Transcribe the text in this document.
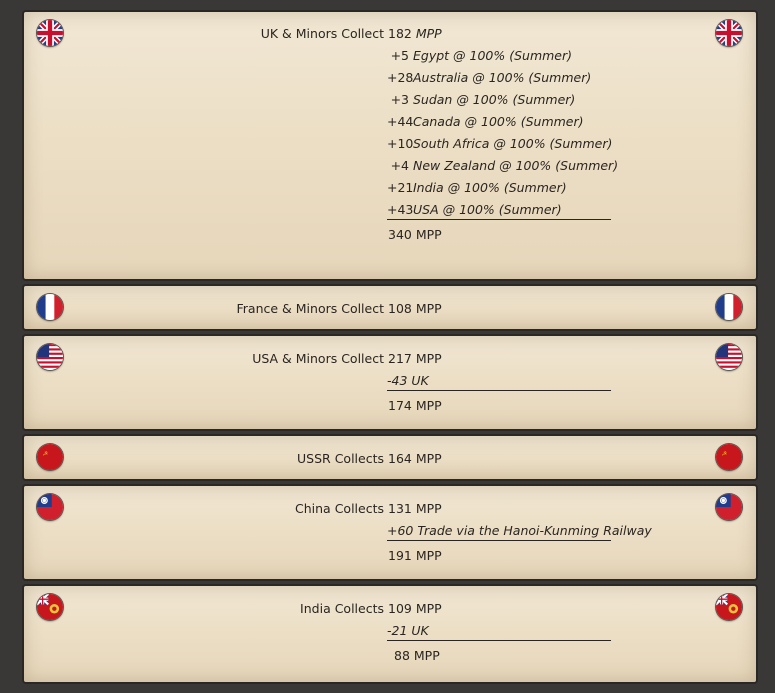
UK & Minors Collect 182 MPP
+5 Egypt @ 100% (Summer)
+28 Australia @ 100% (Summer)
+3 Sudan @ 100% (Summer)
+44 Canada @ 100% (Summer)
+10 South Africa @ 100% (Summer)
+4 New Zealand @ 100% (Summer)
+21 India @ 100% (Summer)
+43 USA @ 100% (Summer)
340 MPP
France & Minors Collect 108 MPP
USA & Minors Collect 217 MPP
-43 UK
174 MPP
☭	☭
USSR Collects 164 MPP
China Collects 131 MPP
+60 Trade via the Hanoi-Kunming Railway
191 MPP
India Collects 109 MPP
-21 UK
88 MPP
